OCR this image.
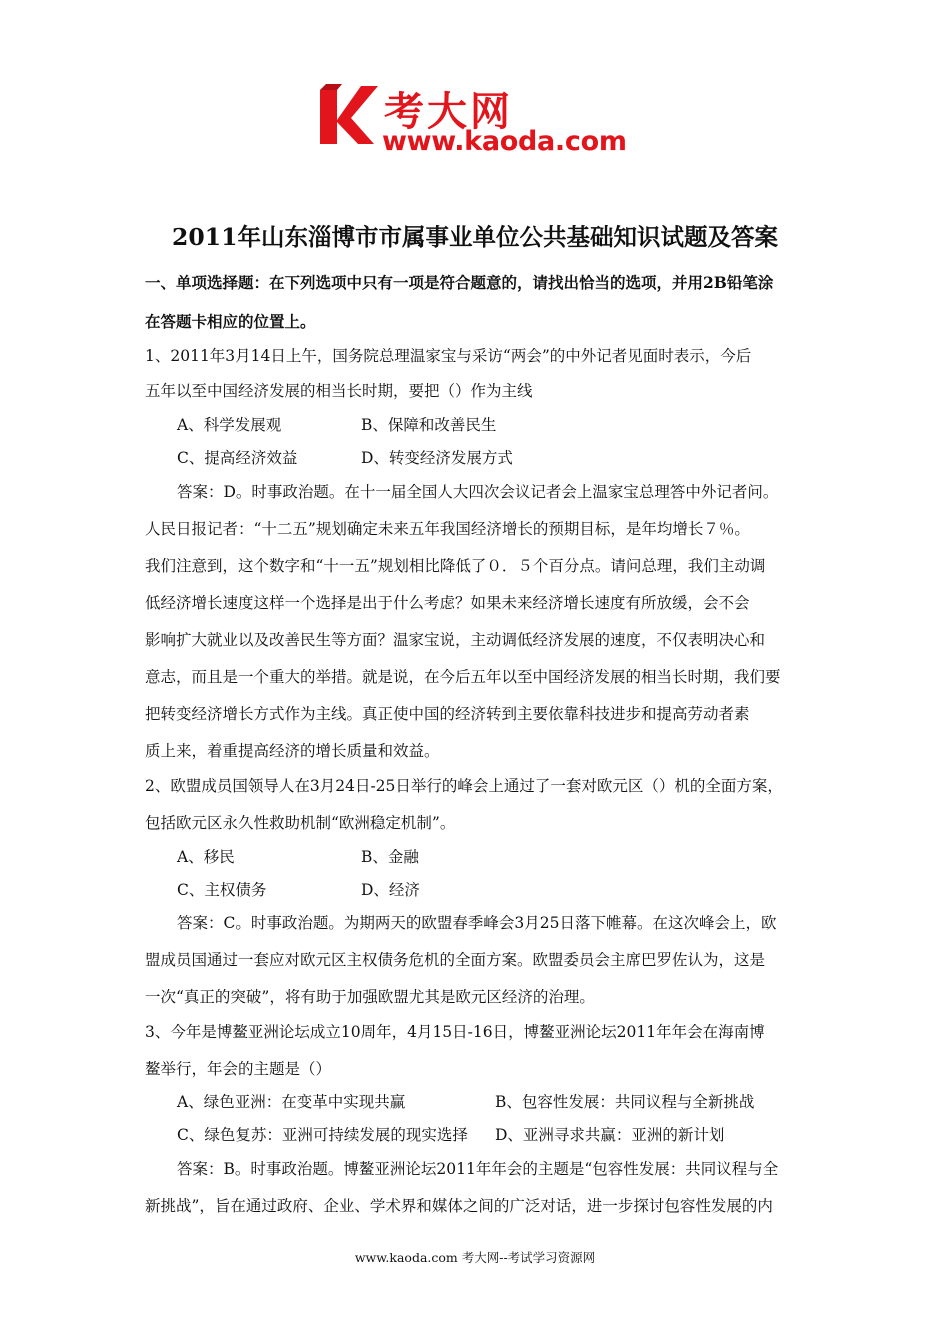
考大网
www.kaoda.com
2011年山东淄博市市属事业单位公共基础知识试题及答案
一、单项选择题：在下列选项中只有一项是符合题意的，请找出恰当的选项，并用2B铅笔涂
在答题卡相应的位置上。
1、2011年3月14日上午，国务院总理温家宝与采访“两会”的中外记者见面时表示，今后
五年以至中国经济发展的相当长时期，要把（）作为主线
A、科学发展观	B、保障和改善民生
C、提高经济效益	D、转变经济发展方式
答案：D。时事政治题。在十一届全国人大四次会议记者会上温家宝总理答中外记者问。
人民日报记者：“十二五”规划确定未来五年我国经济增长的预期目标，是年均增长７％。
我们注意到，这个数字和“十一五”规划相比降低了０．５个百分点。请问总理，我们主动调
低经济增长速度这样一个选择是出于什么考虑？如果未来经济增长速度有所放缓，会不会
影响扩大就业以及改善民生等方面？温家宝说，主动调低经济发展的速度，不仅表明决心和
意志，而且是一个重大的举措。就是说，在今后五年以至中国经济发展的相当长时期，我们要
把转变经济增长方式作为主线。真正使中国的经济转到主要依靠科技进步和提高劳动者素
质上来，着重提高经济的增长质量和效益。
2、欧盟成员国领导人在3月24日-25日举行的峰会上通过了一套对欧元区（）机的全面方案，
包括欧元区永久性救助机制“欧洲稳定机制”。
A、移民	B、金融
C、主权债务	D、经济
答案：C。时事政治题。为期两天的欧盟春季峰会3月25日落下帷幕。在这次峰会上，欧
盟成员国通过一套应对欧元区主权债务危机的全面方案。欧盟委员会主席巴罗佐认为，这是
一次“真正的突破”，将有助于加强欧盟尤其是欧元区经济的治理。
3、今年是博鳌亚洲论坛成立10周年，4月15日-16日，博鳌亚洲论坛2011年年会在海南博
鳌举行，年会的主题是（）
A、绿色亚洲：在变革中实现共赢	B、包容性发展：共同议程与全新挑战
C、绿色复苏：亚洲可持续发展的现实选择 D、亚洲寻求共赢：亚洲的新计划
答案：B。时事政治题。博鳌亚洲论坛2011年年会的主题是“包容性发展：共同议程与全
新挑战”，旨在通过政府、企业、学术界和媒体之间的广泛对话，进一步探讨包容性发展的内
www.kaoda.com 考大网--考试学习资源网
